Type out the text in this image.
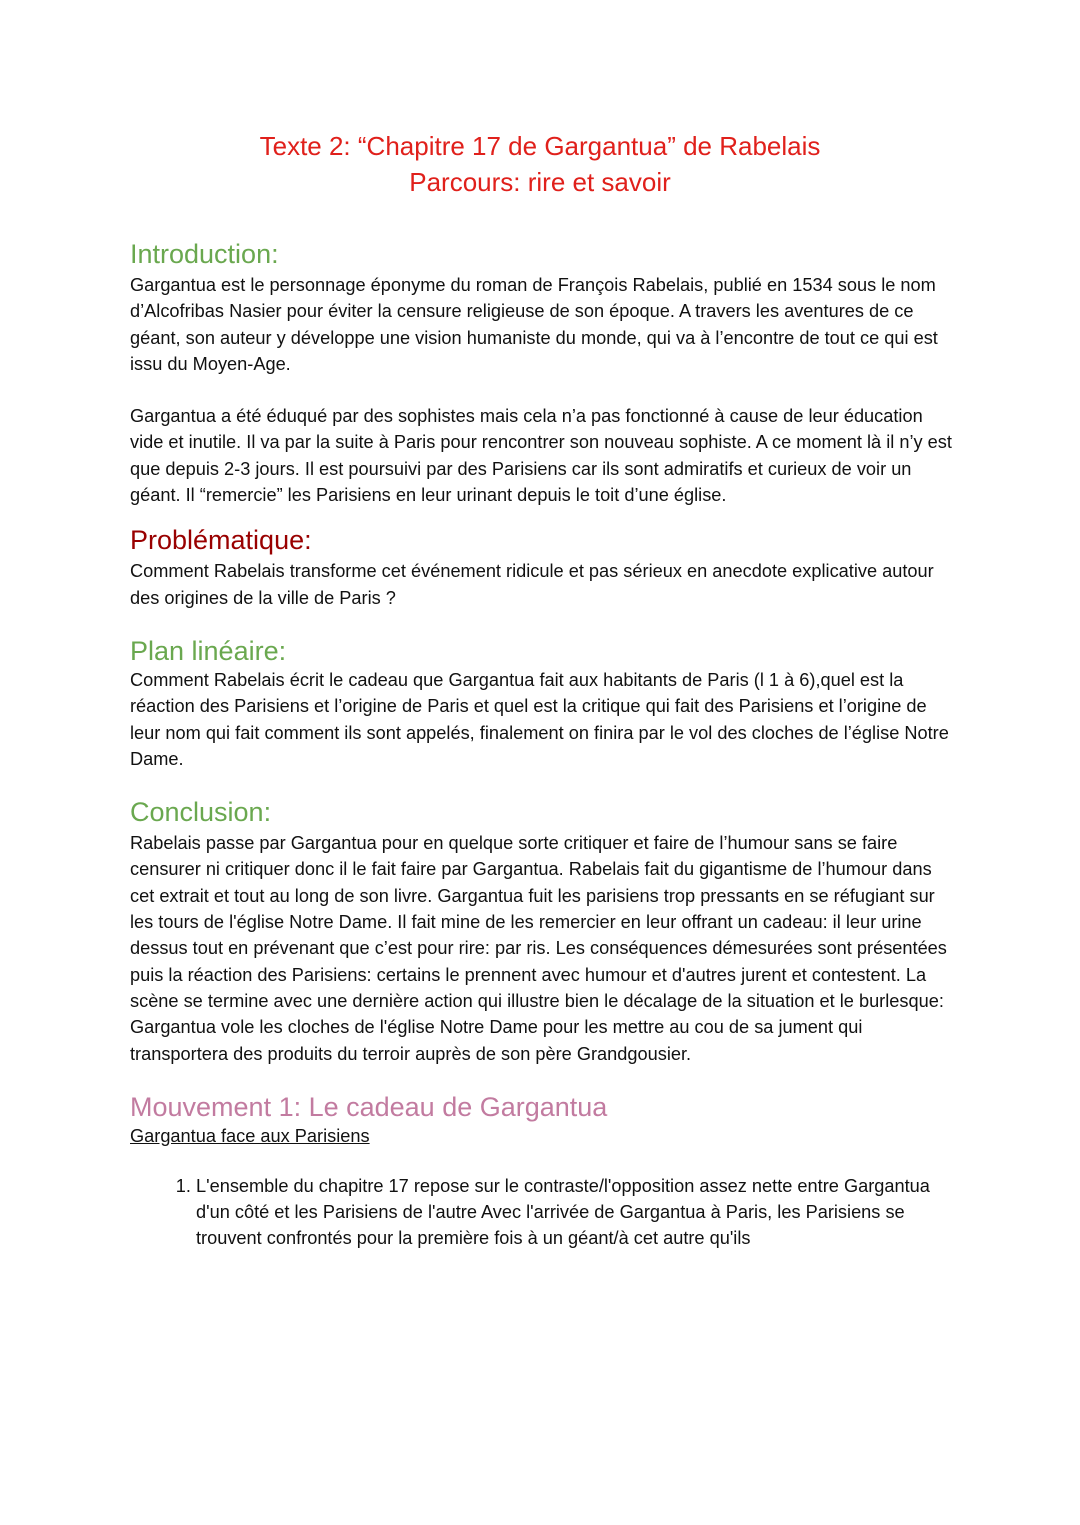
Texte 2: “Chapitre 17 de Gargantua” de Rabelais
Parcours: rire et savoir
Introduction:

Gargantua est le personnage éponyme du roman de François Rabelais, publié en 1534 sous le nom d’Alcofribas Nasier pour éviter la censure religieuse de son époque. A travers les aventures de ce géant, son auteur y développe une vision humaniste du monde, qui va à l’encontre de tout ce qui est issu du Moyen-Age.

Gargantua a été éduqué par des sophistes mais cela n’a pas fonctionné à cause de leur éducation vide et inutile. Il va par la suite à Paris pour rencontrer son nouveau sophiste. A ce moment là il n’y est que depuis 2-3 jours. Il est poursuivi par des Parisiens car ils sont admiratifs et curieux de voir un géant. Il “remercie” les Parisiens en leur urinant depuis le toit d’une église.

Problématique:

Comment Rabelais transforme cet événement ridicule et pas sérieux en anecdote explicative autour des origines de la ville de Paris ?

Plan linéaire:

Comment Rabelais écrit le cadeau que Gargantua fait aux habitants de Paris (l 1 à 6),quel est la réaction des Parisiens et l’origine de Paris et quel est la critique qui fait des Parisiens et l’origine de leur nom qui fait comment ils sont appelés, finalement on finira par le vol des cloches de l’église Notre Dame.

Conclusion:

Rabelais passe par Gargantua pour en quelque sorte critiquer et faire de l’humour sans se faire censurer ni critiquer donc il le fait faire par Gargantua. Rabelais fait du gigantisme de l’humour dans cet extrait et tout au long de son livre. Gargantua fuit les parisiens trop pressants en se réfugiant sur les tours de l'église Notre Dame. Il fait mine de les remercier en leur offrant un cadeau: il leur urine dessus tout en prévenant que c’est pour rire: par ris. Les conséquences démesurées sont présentées puis la réaction des Parisiens: certains le prennent avec humour et d'autres jurent et contestent. La scène se termine avec une dernière action qui illustre bien le décalage de la situation et le burlesque: Gargantua vole les cloches de l'église Notre Dame pour les mettre au cou de sa jument qui transportera des produits du terroir auprès de son père Grandgousier.

Mouvement 1: Le cadeau de Gargantua
Gargantua face aux Parisiens
1. L'ensemble du chapitre 17 repose sur le contraste/l'opposition assez nette entre Gargantua d'un côté et les Parisiens de l'autre Avec l'arrivée de Gargantua à Paris, les Parisiens se trouvent confrontés pour la première fois à un géant/à cet autre qu'ils
